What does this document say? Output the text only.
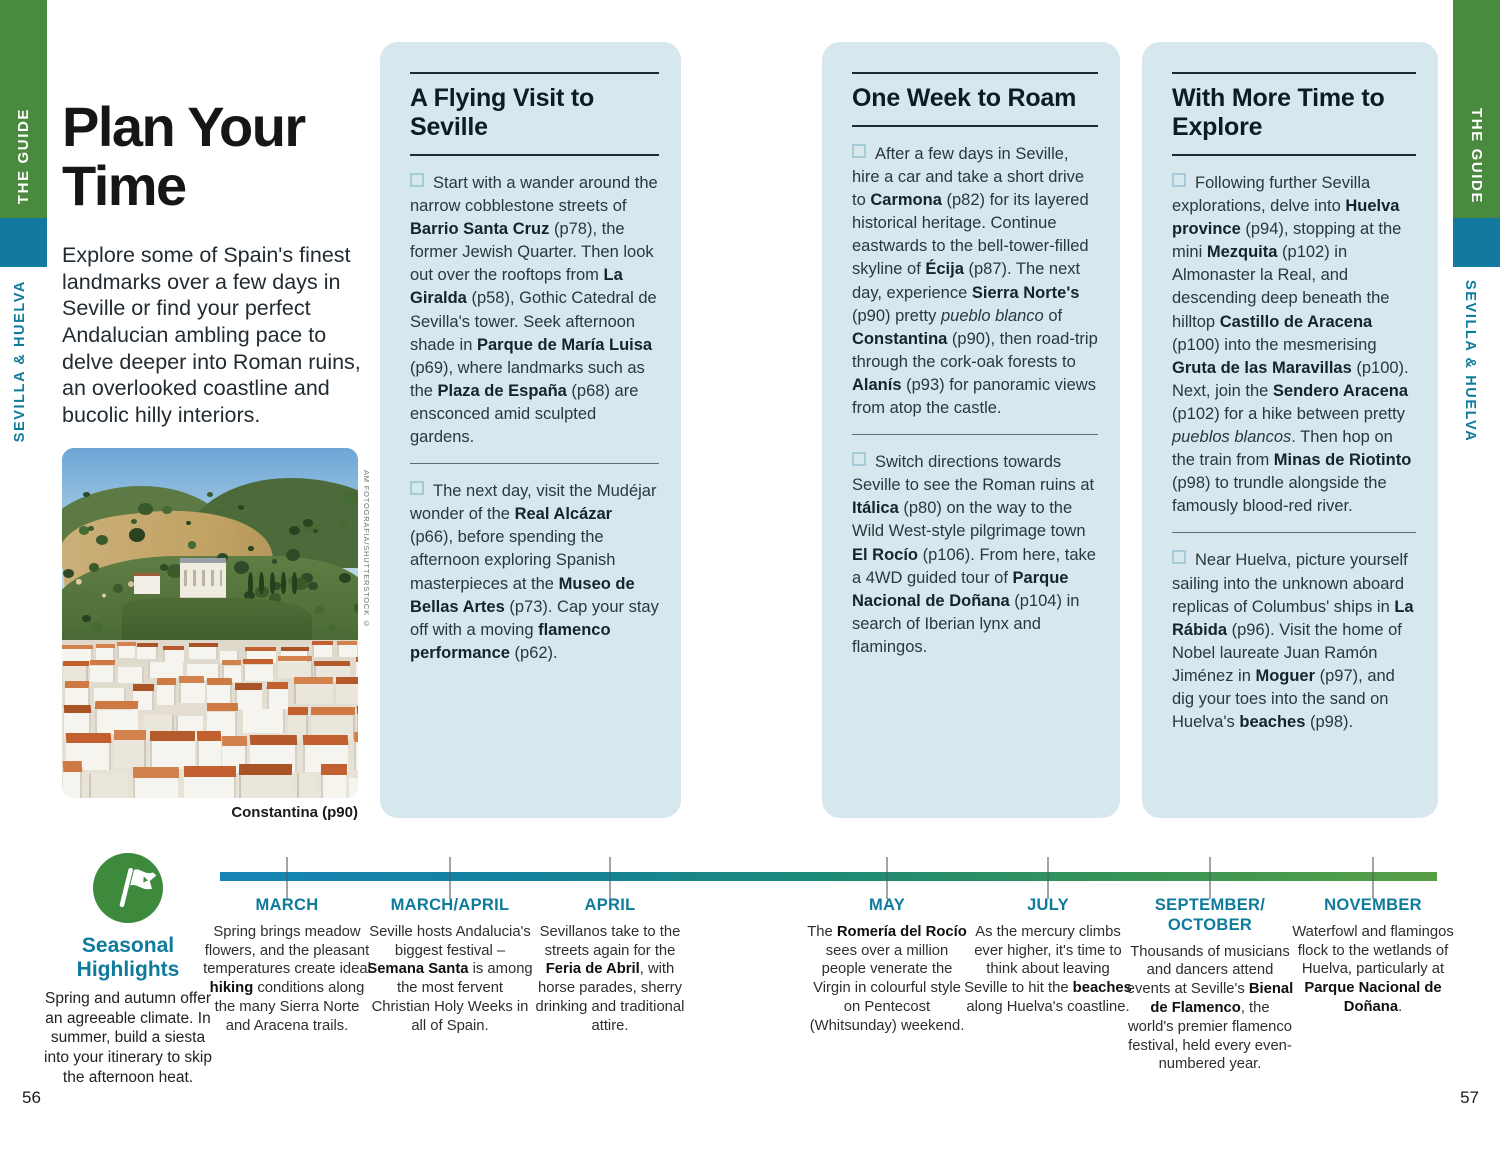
THE GUIDE
SEVILLA & HUELVA
THE GUIDE
SEVILLA & HUELVA
Plan Your Time

Explore some of Spain's finest landmarks over a few days in Seville or find your perfect Andalucian ambling pace to delve deeper into Roman ruins, an overlooked coastline and bucolic hilly interiors.

AM FOTOGRAFIA/SHUTTERSTOCK ©
Constantina (p90)
A Flying Visit to Seville

Start with a wander around the narrow cobblestone streets of Barrio Santa Cruz (p78), the former Jewish Quarter. Then look out over the rooftops from La Giralda (p58), Gothic Catedral de Sevilla's tower. Seek afternoon shade in Parque de María Luisa (p69), where landmarks such as the Plaza de España (p68) are ensconced amid sculpted gardens.

The next day, visit the Mudéjar wonder of the Real Alcázar (p66), before spending the afternoon exploring Spanish masterpieces at the Museo de Bellas Artes (p73). Cap your stay off with a moving flamenco performance (p62).

One Week to Roam

After a few days in Seville, hire a car and take a short drive to Carmona (p82) for its layered historical heritage. Continue eastwards to the bell-tower-filled skyline of Écija (p87). The next day, experience Sierra Norte's (p90) pretty pueblo blanco of Constantina (p90), then road-trip through the cork-oak forests to Alanís (p93) for panoramic views from atop the castle.

Switch directions towards Seville to see the Roman ruins at Itálica (p80) on the way to the Wild West-style pilgrimage town El Rocío (p106). From here, take a 4WD guided tour of Parque Nacional de Doñana (p104) in search of Iberian lynx and flamingos.

With More Time to Explore

Following further Sevilla explorations, delve into Huelva province (p94), stopping at the mini Mezquita (p102) in Almonaster la Real, and descending deep beneath the hilltop Castillo de Aracena (p100) into the mesmerising Gruta de las Maravillas (p100). Next, join the Sendero Aracena (p102) for a hike between pretty pueblos blancos. Then hop on the train from Minas de Riotinto (p98) to trundle alongside the famously blood-red river.

Near Huelva, picture yourself sailing into the unknown aboard replicas of Columbus' ships in La Rábida (p96). Visit the home of Nobel laureate Juan Ramón Jiménez in Moguer (p97), and dig your toes into the sand on Huelva's beaches (p98).

Seasonal Highlights

Spring and autumn offer an agreeable climate. In summer, build a siesta into your itinerary to skip the afternoon heat.

MARCH

Spring brings meadow flowers, and the pleasant temperatures create ideal hiking conditions along the many Sierra Norte and Aracena trails.

MARCH/APRIL

Seville hosts Andalucia's biggest festival – Semana Santa is among the most fervent Christian Holy Weeks in all of Spain.

APRIL

Sevillanos take to the streets again for the Feria de Abril, with horse parades, sherry drinking and traditional attire.

MAY

The Romería del Rocío sees over a million people venerate the Virgin in colourful style on Pentecost (Whitsunday) weekend.

JULY

As the mercury climbs ever higher, it's time to think about leaving Seville to hit the beaches along Huelva's coastline.

SEPTEMBER/
OCTOBER

Thousands of musicians and dancers attend events at Seville's Bienal de Flamenco, the world's premier flamenco festival, held every even-numbered year.

NOVEMBER

Waterfowl and flamingos flock to the wetlands of Huelva, particularly at Parque Nacional de Doñana.

56	57
